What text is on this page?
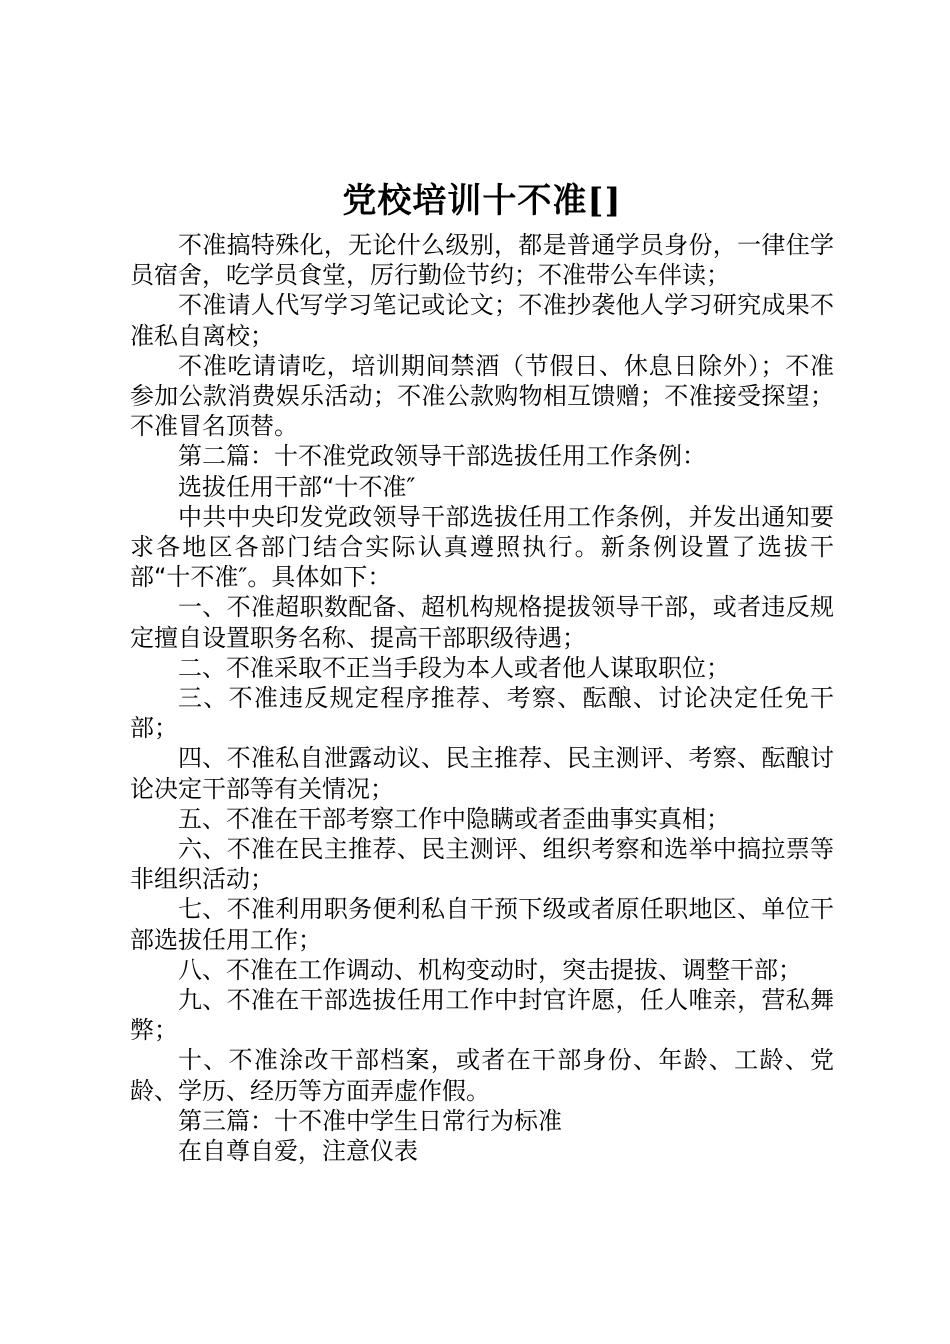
党校培训十不准[]

不准搞特殊化，无论什么级别，都是普通学员身份，一律住学员宿舍，吃学员食堂，厉行勤俭节约；不准带公车伴读；

不准请人代写学习笔记或论文；不准抄袭他人学习研究成果不准私自离校；

不准吃请请吃，培训期间禁酒（节假日、休息日除外）；不准参加公款消费娱乐活动；不准公款购物相互馈赠；不准接受探望；不准冒名顶替。

第二篇：十不准党政领导干部选拔任用工作条例：

选拔任用干部“十不准″

中共中央印发党政领导干部选拔任用工作条例，并发出通知要求各地区各部门结合实际认真遵照执行。新条例设置了选拔干部“十不准″。具体如下：

一、不准超职数配备、超机构规格提拔领导干部，或者违反规定擅自设置职务名称、提高干部职级待遇；

二、不准采取不正当手段为本人或者他人谋取职位；

三、不准违反规定程序推荐、考察、酝酿、讨论决定任免干部；

四、不准私自泄露动议、民主推荐、民主测评、考察、酝酿讨论决定干部等有关情况；

五、不准在干部考察工作中隐瞒或者歪曲事实真相；

六、不准在民主推荐、民主测评、组织考察和选举中搞拉票等非组织活动；

七、不准利用职务便利私自干预下级或者原任职地区、单位干部选拔任用工作；

八、不准在工作调动、机构变动时，突击提拔、调整干部；

九、不准在干部选拔任用工作中封官许愿，任人唯亲，营私舞弊；

十、不准涂改干部档案，或者在干部身份、年龄、工龄、党龄、学历、经历等方面弄虚作假。

第三篇：十不准中学生日常行为标准

在自尊自爱，注意仪表
